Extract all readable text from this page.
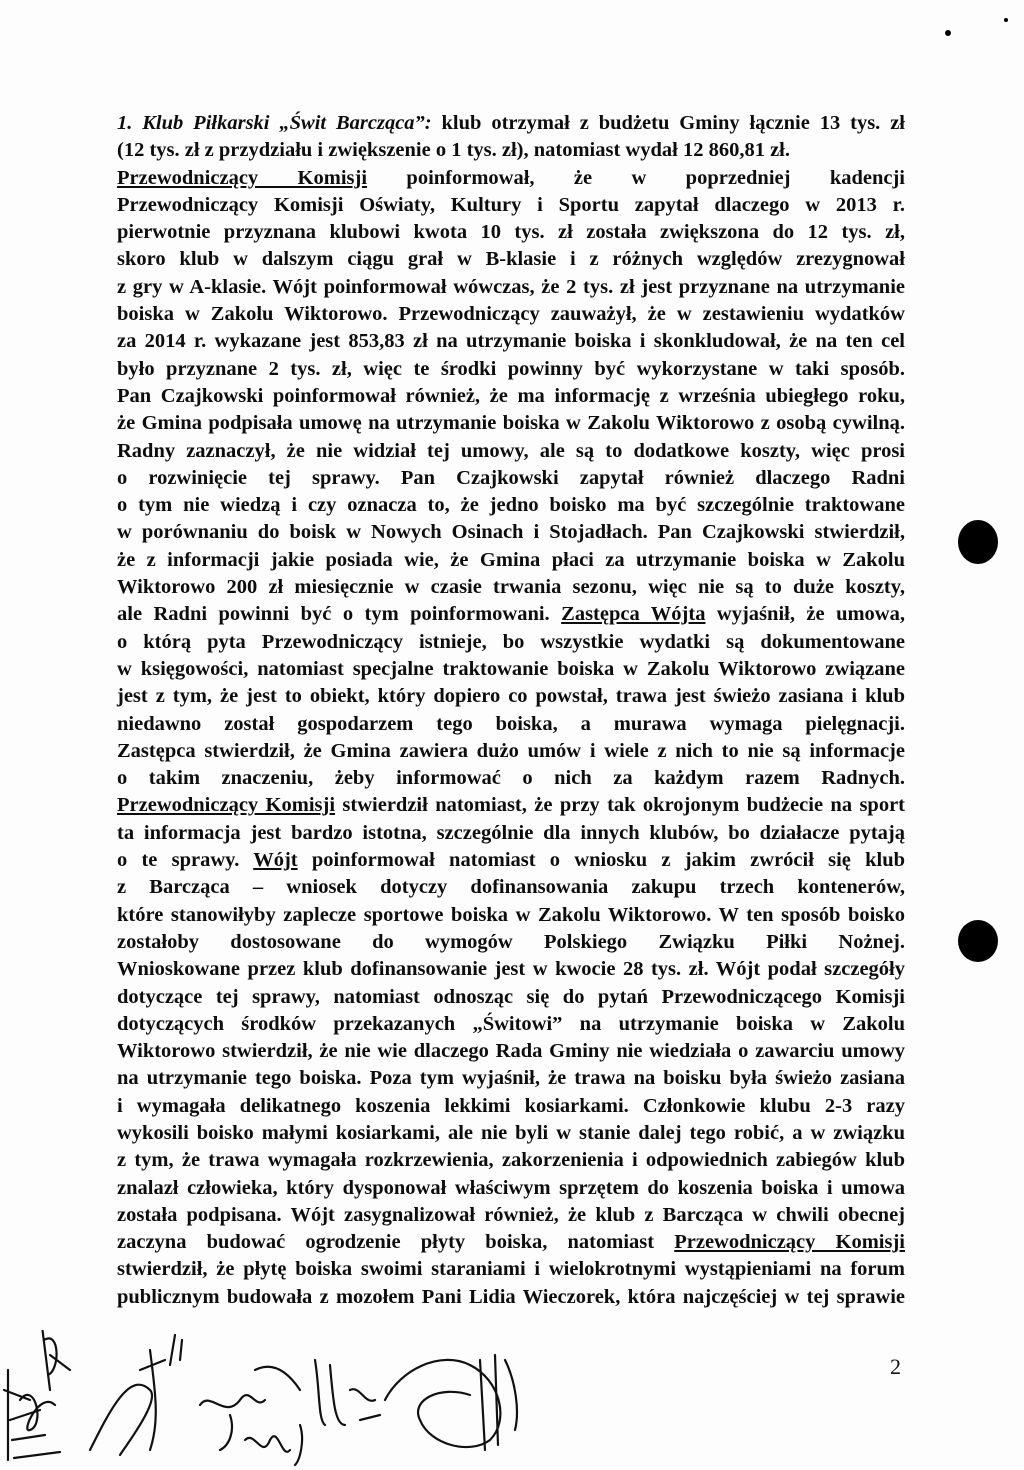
1. Klub Piłkarski „Świt Barcząca”: klub otrzymał z budżetu Gminy łącznie 13 tys. zł
(12 tys. zł z przydziału i zwiększenie o 1 tys. zł), natomiast wydał 12 860,81 zł.
Przewodniczący Komisji poinformował, że w poprzedniej kadencji
Przewodniczący Komisji Oświaty, Kultury i Sportu zapytał dlaczego w 2013 r.
pierwotnie przyznana klubowi kwota 10 tys. zł została zwiększona do 12 tys. zł,
skoro klub w dalszym ciągu grał w B-klasie i z różnych względów zrezygnował
z gry w A-klasie. Wójt poinformował wówczas, że 2 tys. zł jest przyznane na utrzymanie
boiska w Zakolu Wiktorowo. Przewodniczący zauważył, że w zestawieniu wydatków
za 2014 r. wykazane jest 853,83 zł na utrzymanie boiska i skonkludował, że na ten cel
było przyznane 2 tys. zł, więc te środki powinny być wykorzystane w taki sposób.
Pan Czajkowski poinformował również, że ma informację z września ubiegłego roku,
że Gmina podpisała umowę na utrzymanie boiska w Zakolu Wiktorowo z osobą cywilną.
Radny zaznaczył, że nie widział tej umowy, ale są to dodatkowe koszty, więc prosi
o rozwinięcie tej sprawy. Pan Czajkowski zapytał również dlaczego Radni
o tym nie wiedzą i czy oznacza to, że jedno boisko ma być szczególnie traktowane
w porównaniu do boisk w Nowych Osinach i Stojadłach. Pan Czajkowski stwierdził,
że z informacji jakie posiada wie, że Gmina płaci za utrzymanie boiska w Zakolu
Wiktorowo 200 zł miesięcznie w czasie trwania sezonu, więc nie są to duże koszty,
ale Radni powinni być o tym poinformowani. Zastępca Wójta wyjaśnił, że umowa,
o którą pyta Przewodniczący istnieje, bo wszystkie wydatki są dokumentowane
w księgowości, natomiast specjalne traktowanie boiska w Zakolu Wiktorowo związane
jest z tym, że jest to obiekt, który dopiero co powstał, trawa jest świeżo zasiana i klub
niedawno został gospodarzem tego boiska, a murawa wymaga pielęgnacji.
Zastępca stwierdził, że Gmina zawiera dużo umów i wiele z nich to nie są informacje
o takim znaczeniu, żeby informować o nich za każdym razem Radnych.
Przewodniczący Komisji stwierdził natomiast, że przy tak okrojonym budżecie na sport
ta informacja jest bardzo istotna, szczególnie dla innych klubów, bo działacze pytają
o te sprawy. Wójt poinformował natomiast o wniosku z jakim zwrócił się klub
z Barcząca – wniosek dotyczy dofinansowania zakupu trzech kontenerów,
które stanowiłyby zaplecze sportowe boiska w Zakolu Wiktorowo. W ten sposób boisko
zostałoby dostosowane do wymogów Polskiego Związku Piłki Nożnej.
Wnioskowane przez klub dofinansowanie jest w kwocie 28 tys. zł. Wójt podał szczegóły
dotyczące tej sprawy, natomiast odnosząc się do pytań Przewodniczącego Komisji
dotyczących środków przekazanych „Świtowi” na utrzymanie boiska w Zakolu
Wiktorowo stwierdził, że nie wie dlaczego Rada Gminy nie wiedziała o zawarciu umowy
na utrzymanie tego boiska. Poza tym wyjaśnił, że trawa na boisku była świeżo zasiana
i wymagała delikatnego koszenia lekkimi kosiarkami. Członkowie klubu 2-3 razy
wykosili boisko małymi kosiarkami, ale nie byli w stanie dalej tego robić, a w związku
z tym, że trawa wymagała rozkrzewienia, zakorzenienia i odpowiednich zabiegów klub
znalazł człowieka, który dysponował właściwym sprzętem do koszenia boiska i umowa
została podpisana. Wójt zasygnalizował również, że klub z Barcząca w chwili obecnej
zaczyna budować ogrodzenie płyty boiska, natomiast Przewodniczący Komisji
stwierdził, że płytę boiska swoimi staraniami i wielokrotnymi wystąpieniami na forum
publicznym budowała z mozołem Pani Lidia Wieczorek, która najczęściej w tej sprawie
2
